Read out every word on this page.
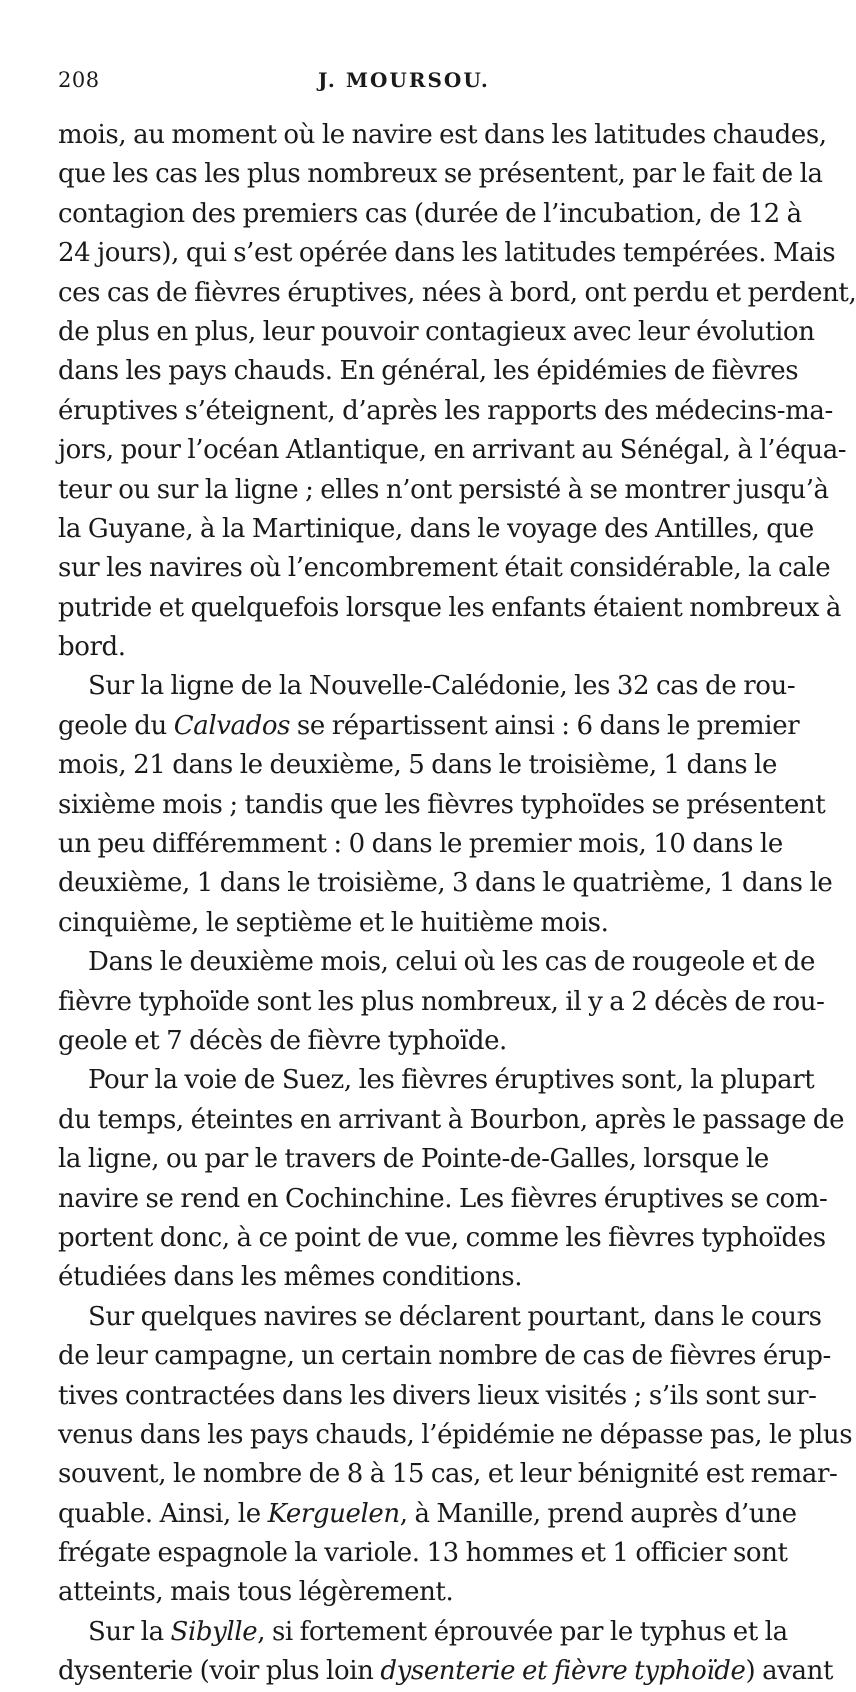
208	J. MOURSOU.
mois, au moment où le navire est dans les latitudes chaudes,
que les cas les plus nombreux se présentent, par le fait de la
contagion des premiers cas (durée de l’incubation, de 12 à
24 jours), qui s’est opérée dans les latitudes tempérées. Mais
ces cas de fièvres éruptives, nées à bord, ont perdu et perdent,
de plus en plus, leur pouvoir contagieux avec leur évolution
dans les pays chauds. En général, les épidémies de fièvres
éruptives s’éteignent, d’après les rapports des médecins-ma-
jors, pour l’océan Atlantique, en arrivant au Sénégal, à l’équa-
teur ou sur la ligne ; elles n’ont persisté à se montrer jusqu’à
la Guyane, à la Martinique, dans le voyage des Antilles, que
sur les navires où l’encombrement était considérable, la cale
putride et quelquefois lorsque les enfants étaient nombreux à
bord.
Sur la ligne de la Nouvelle-Calédonie, les 32 cas de rou-
geole du Calvados se répartissent ainsi : 6 dans le premier
mois, 21 dans le deuxième, 5 dans le troisième, 1 dans le
sixième mois ; tandis que les fièvres typhoïdes se présentent
un peu différemment : 0 dans le premier mois, 10 dans le
deuxième, 1 dans le troisième, 3 dans le quatrième, 1 dans le
cinquième, le septième et le huitième mois.
Dans le deuxième mois, celui où les cas de rougeole et de
fièvre typhoïde sont les plus nombreux, il y a 2 décès de rou-
geole et 7 décès de fièvre typhoïde.
Pour la voie de Suez, les fièvres éruptives sont, la plupart
du temps, éteintes en arrivant à Bourbon, après le passage de
la ligne, ou par le travers de Pointe-de-Galles, lorsque le
navire se rend en Cochinchine. Les fièvres éruptives se com-
portent donc, à ce point de vue, comme les fièvres typhoïdes
étudiées dans les mêmes conditions.
Sur quelques navires se déclarent pourtant, dans le cours
de leur campagne, un certain nombre de cas de fièvres érup-
tives contractées dans les divers lieux visités ; s’ils sont sur-
venus dans les pays chauds, l’épidémie ne dépasse pas, le plus
souvent, le nombre de 8 à 15 cas, et leur bénignité est remar-
quable. Ainsi, le Kerguelen, à Manille, prend auprès d’une
frégate espagnole la variole. 13 hommes et 1 officier sont
atteints, mais tous légèrement.
Sur la Sibylle, si fortement éprouvée par le typhus et la
dysenterie (voir plus loin dysenterie et fièvre typhoïde) avant
